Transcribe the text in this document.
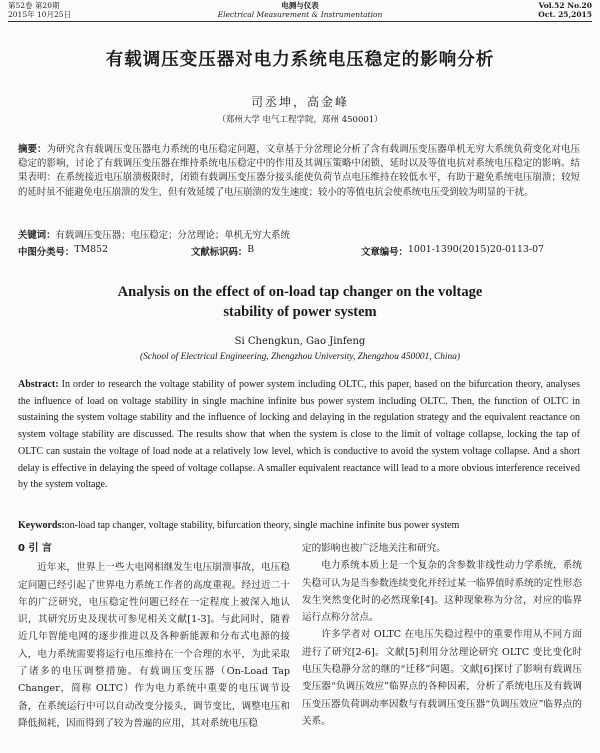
第52卷 第20期
2015年 10月25日
电测与仪表
Electrical Measurement & Instrumentation
Vol.52 No.20
Oct. 25,2015
有载调压变压器对电力系统电压稳定的影响分析
司丞坤，高金峰
（郑州大学 电气工程学院，郑州 450001）
摘要：为研究含有载调压变压器电力系统的电压稳定问题，文章基于分岔理论分析了含有载调压变压器单机无穷大系统负荷变化对电压稳定的影响，讨论了有载调压变压器在维持系统电压稳定中的作用及其调压策略中闭锁、延时以及等值电抗对系统电压稳定的影响。结果表明：在系统接近电压崩溃极限时，闭锁有载调压变压器分接头能使负荷节点电压维持在较低水平，有助于避免系统电压崩溃；较短的延时虽不能避免电压崩溃的发生，但有效延缓了电压崩溃的发生速度；较小的等值电抗会使系统电压受到较为明显的干扰。
关键词：有载调压变压器；电压稳定；分岔理论；单机无穷大系统
中图分类号： TM852	文献标识码： B	文章编号： 1001-1390(2015)20-0113-07
Analysis on the effect of on-load tap changer on the voltage
stability of power system
Si Chengkun, Gao Jinfeng
(School of Electrical Engineering, Zhengzhou University, Zhengzhou 450001, China)
Abstract: In order to research the voltage stability of power system including OLTC, this paper, based on the bifurcation theory, analyses the influence of load on voltage stability in single machine infinite bus power system including OLTC. Then, the function of OLTC in sustaining the system voltage stability and the influence of locking and delaying in the regulation strategy and the equivalent reactance on system voltage stability are discussed. The results show that when the system is close to the limit of voltage collapse, locking the tap of OLTC can sustain the voltage of load node at a relatively low level, which is conductive to avoid the system voltage collapse. And a short delay is effective in delaying the speed of voltage collapse. A smaller equivalent reactance will lead to a more obvious interference received by the system voltage.
Keywords:on-load tap changer, voltage stability, bifurcation theory, single machine infinite bus power system
0 引 言

近年来，世界上一些大电网相继发生电压崩溃事故，电压稳定问题已经引起了世界电力系统工作者的高度重视。经过近二十年的广泛研究，电压稳定性问题已经在一定程度上被深入地认识，其研究历史及现状可参见相关文献[1-3]。与此同时，随着近几年智能电网的逐步推进以及各种新能源和分布式电源的接入，电力系统需要将运行电压维持在一个合理的水平，为此采取了诸多的电压调整措施。有载调压变压器（On-Load Tap Changer，简称 OLTC）作为电力系统中重要的电压调节设备，在系统运行中可以自动改变分接头，调节变比，调整电压和降低损耗，因而得到了较为普遍的应用，其对系统电压稳

定的影响也被广泛地关注和研究。

电力系统本质上是一个复杂的含参数非线性动力学系统，系统失稳可认为是当参数连续变化并经过某一临界值时系统的定性形态发生突然变化时的必然现象[4]。这种现象称为分岔，对应的临界运行点称分岔点。

许多学者对 OLTC 在电压失稳过程中的重要作用从不同方面进行了研究[2-6]。文献[5]利用分岔理论研究 OLTC 变比变化时电压失稳静分岔的继的“迁移”问题。文献[6]探讨了影响有载调压变压器“负调压效应”临界点的各种因素，分析了系统电压及有载调压变压器负荷调动率因数与有载调压变压器“负调压效应”临界点的关系。
